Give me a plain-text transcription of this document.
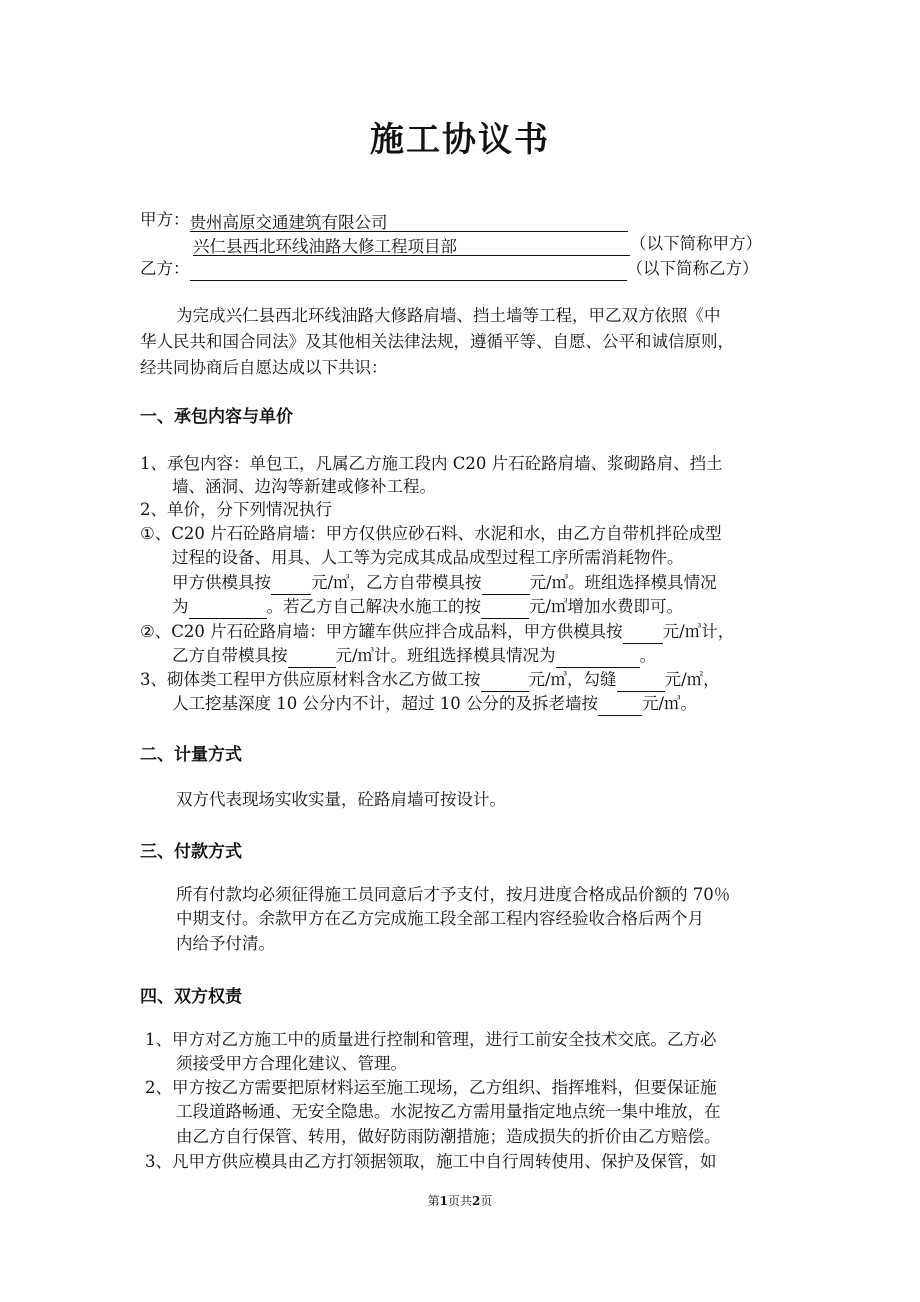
施工协议书
甲方：贵州高原交通建筑有限公司
兴仁县西北环线油路大修工程项目部	（以下简称甲方）
乙方：	（以下简称乙方）
为完成兴仁县西北环线油路大修路肩墙、挡土墙等工程，甲乙双方依照《中
华人民共和国合同法》及其他相关法律法规，遵循平等、自愿、公平和诚信原则，
经共同协商后自愿达成以下共识：
一、承包内容与单价
1、承包内容：单包工，凡属乙方施工段内 C20 片石砼路肩墙、浆砌路肩、挡土
墙、涵洞、边沟等新建或修补工程。
2、单价，分下列情况执行
①、C20 片石砼路肩墙：甲方仅供应砂石料、水泥和水，由乙方自带机拌砼成型
过程的设备、用具、人工等为完成其成品成型过程工序所需消耗物件。
甲方供模具按 元/㎥，乙方自带模具按	元/㎥。班组选择模具情况
为	。若乙方自己解决水施工的按	元/㎥增加水费即可。
②、C20 片石砼路肩墙：甲方罐车供应拌合成品料，甲方供模具按 元/㎥计，
乙方自带模具按	元/㎥计。班组选择模具情况为	。
3、砌体类工程甲方供应原材料含水乙方做工按	元/㎥，勾缝	元/㎡，
人工挖基深度 10 公分内不计，超过 10 公分的及拆老墙按	元/㎥。
二、计量方式
双方代表现场实收实量，砼路肩墙可按设计。
三、付款方式
所有付款均必须征得施工员同意后才予支付，按月进度合格成品价额的 70％
中期支付。余款甲方在乙方完成施工段全部工程内容经验收合格后两个月
内给予付清。
四、双方权责
1、甲方对乙方施工中的质量进行控制和管理，进行工前安全技术交底。乙方必
须接受甲方合理化建议、管理。
2、甲方按乙方需要把原材料运至施工现场，乙方组织、指挥堆料，但要保证施
工段道路畅通、无安全隐患。水泥按乙方需用量指定地点统一集中堆放，在
由乙方自行保管、转用，做好防雨防潮措施；造成损失的折价由乙方赔偿。
3、凡甲方供应模具由乙方打领据领取，施工中自行周转使用、保护及保管，如
第1页共2页
